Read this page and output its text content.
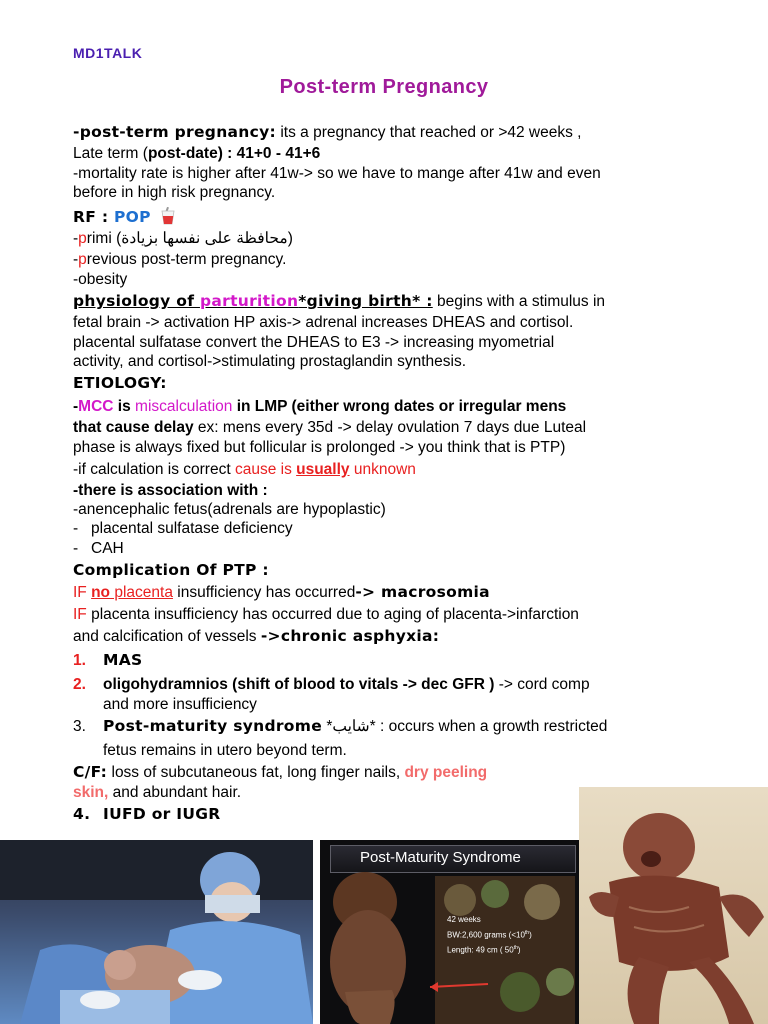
MD1TALK
Post-term Pregnancy
-post-term pregnancy: its a pregnancy that reached or >42 weeks ,
Late term (post-date) : 41+0 - 41+6
-mortality rate is higher after 41w-> so we have to mange after 41w and even
before in high risk pregnancy.
RF : POP
-primi (محافظة على نفسها بزيادة)
-previous post-term pregnancy.
-obesity
physiology of parturition*giving birth* : begins with a stimulus in
fetal brain -> activation HP axis-> adrenal increases DHEAS and cortisol.
placental sulfatase convert the DHEAS to E3 -> increasing myometrial
activity, and cortisol->stimulating prostaglandin synthesis.
ETIOLOGY:
-MCC is miscalculation in LMP (either wrong dates or irregular mens
that cause delay ex: mens every 35d -> delay ovulation 7 days due Luteal
phase is always fixed but follicular is prolonged -> you think that is PTP)
-if calculation is correct cause is usually unknown
-there is association with :
-anencephalic fetus(adrenals are hypoplastic)
- placental sulfatase deficiency
- CAH
Complication Of PTP :
IF no placenta insufficiency has occurred-> macrosomia
IF placenta insufficiency has occurred due to aging of placenta->infarction
and calcification of vessels ->chronic asphyxia:
1. MAS
2. oligohydramnios (shift of blood to vitals -> dec GFR ) -> cord comp
and more insufficiency
3. Post-maturity syndrome *شايب* : occurs when a growth restricted
fetus remains in utero beyond term.
C/F: loss of subcutaneous fat, long finger nails, dry peeling
skin, and abundant hair.
4. IUFD or IUGR
Post-Maturity Syndrome
42 weeks
BW:2,600 grams (<10th)
Length: 49 cm ( 50th)
